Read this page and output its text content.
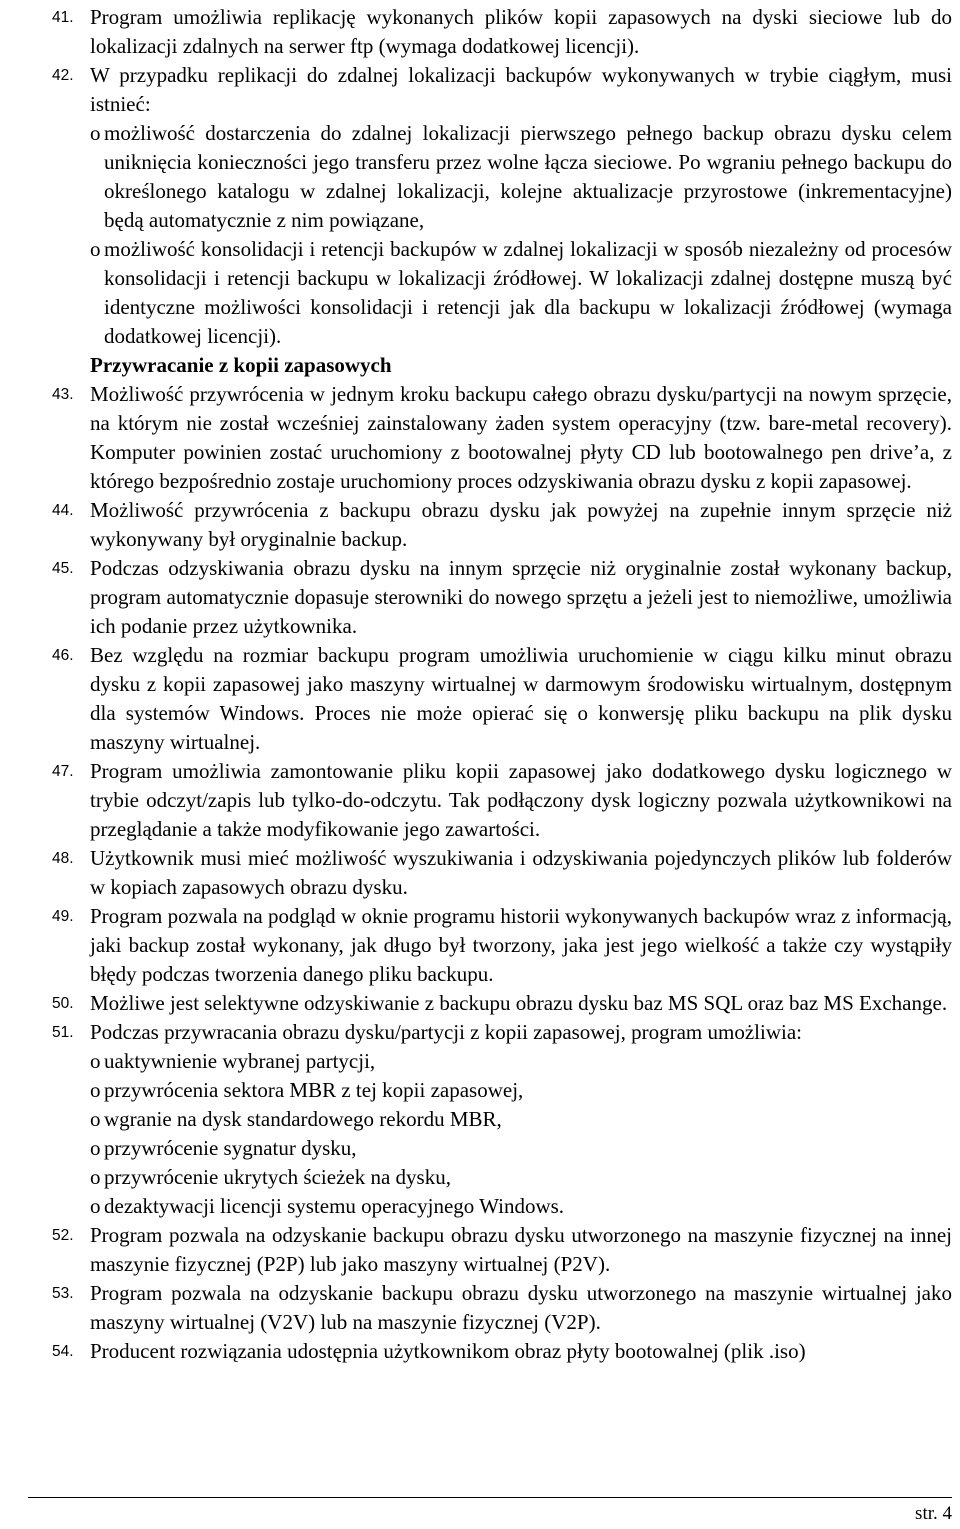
41. Program umożliwia replikację wykonanych plików kopii zapasowych na dyski sieciowe lub do lokalizacji zdalnych na serwer ftp (wymaga dodatkowej licencji).
42. W przypadku replikacji do zdalnej lokalizacji backupów wykonywanych w trybie ciągłym, musi istnieć:
o możliwość dostarczenia do zdalnej lokalizacji pierwszego pełnego backup obrazu dysku celem uniknięcia konieczności jego transferu przez wolne łącza sieciowe. Po wgraniu pełnego backupu do określonego katalogu w zdalnej lokalizacji, kolejne aktualizacje przyrostowe (inkrementacyjne) będą automatycznie z nim powiązane,
o możliwość konsolidacji i retencji backupów w zdalnej lokalizacji w sposób niezależny od procesów konsolidacji i retencji backupu w lokalizacji źródłowej. W lokalizacji zdalnej dostępne muszą być identyczne możliwości konsolidacji i retencji jak dla backupu w lokalizacji źródłowej (wymaga dodatkowej licencji).
Przywracanie z kopii zapasowych
43. Możliwość przywrócenia w jednym kroku backupu całego obrazu dysku/partycji na nowym sprzęcie, na którym nie został wcześniej zainstalowany żaden system operacyjny (tzw. bare-metal recovery). Komputer powinien zostać uruchomiony z bootowalnej płyty CD lub bootowalnego pen drive’a, z którego bezpośrednio zostaje uruchomiony proces odzyskiwania obrazu dysku z kopii zapasowej.
44. Możliwość przywrócenia z backupu obrazu dysku jak powyżej na zupełnie innym sprzęcie niż wykonywany był oryginalnie backup.
45. Podczas odzyskiwania obrazu dysku na innym sprzęcie niż oryginalnie został wykonany backup, program automatycznie dopasuje sterowniki do nowego sprzętu a jeżeli jest to niemożliwe, umożliwia ich podanie przez użytkownika.
46. Bez względu na rozmiar backupu program umożliwia uruchomienie w ciągu kilku minut obrazu dysku z kopii zapasowej jako maszyny wirtualnej w darmowym środowisku wirtualnym, dostępnym dla systemów Windows. Proces nie może opierać się o konwersję pliku backupu na plik dysku maszyny wirtualnej.
47. Program umożliwia zamontowanie pliku kopii zapasowej jako dodatkowego dysku logicznego w trybie odczyt/zapis lub tylko-do-odczytu. Tak podłączony dysk logiczny pozwala użytkownikowi na przeglądanie a także modyfikowanie jego zawartości.
48. Użytkownik musi mieć możliwość wyszukiwania i odzyskiwania pojedynczych plików lub folderów w kopiach zapasowych obrazu dysku.
49. Program pozwala na podgląd w oknie programu historii wykonywanych backupów wraz z informacją, jaki backup został wykonany, jak długo był tworzony, jaka jest jego wielkość a także czy wystąpiły błędy podczas tworzenia danego pliku backupu.
50. Możliwe jest selektywne odzyskiwanie z backupu obrazu dysku baz MS SQL oraz baz MS Exchange.
51. Podczas przywracania obrazu dysku/partycji z kopii zapasowej, program umożliwia:
o uaktywnienie wybranej partycji,
o przywrócenia sektora MBR z tej kopii zapasowej,
o wgranie na dysk standardowego rekordu MBR,
o przywrócenie sygnatur dysku,
o przywrócenie ukrytych ścieżek na dysku,
o dezaktywacji licencji systemu operacyjnego Windows.
52. Program pozwala na odzyskanie backupu obrazu dysku utworzonego na maszynie fizycznej na innej maszynie fizycznej (P2P) lub jako maszyny wirtualnej (P2V).
53. Program pozwala na odzyskanie backupu obrazu dysku utworzonego na maszynie wirtualnej jako maszyny wirtualnej (V2V) lub na maszynie fizycznej (V2P).
54. Producent rozwiązania udostępnia użytkownikom obraz płyty bootowalnej (plik .iso)
str. 4
